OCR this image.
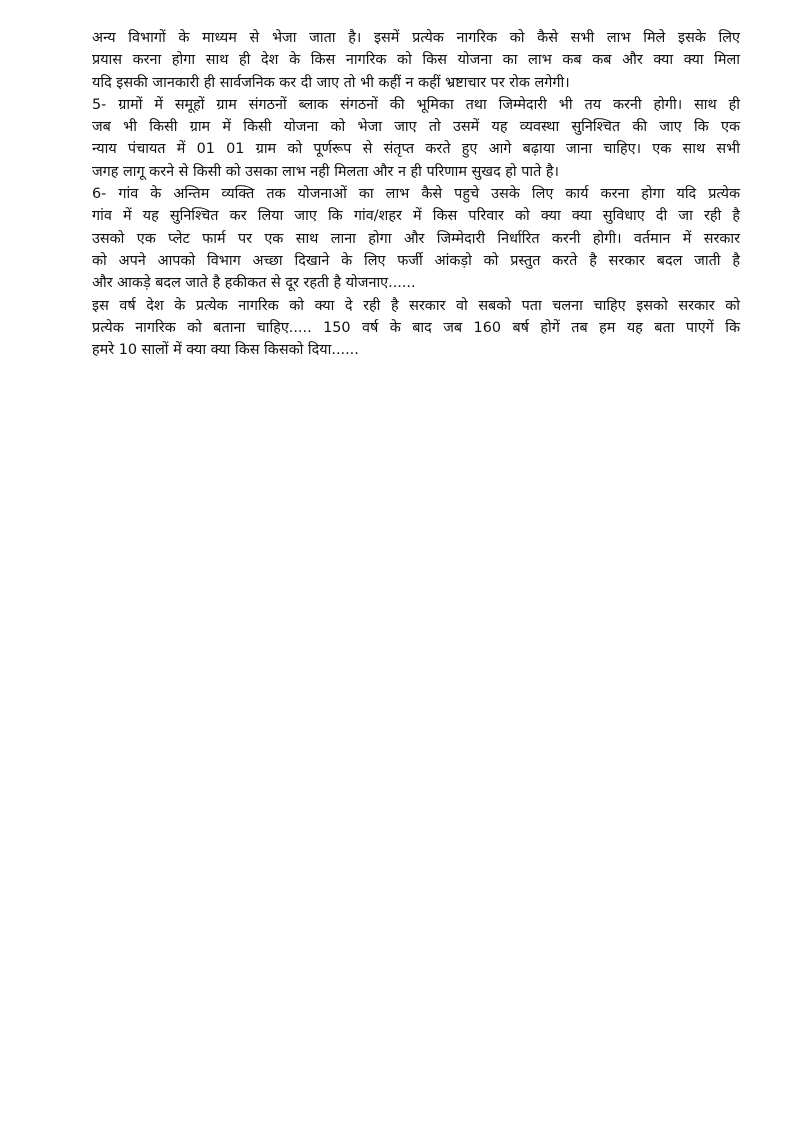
अन्य विभागों के माध्यम से भेजा जाता है। इसमें प्रत्येक नागरिक को कैसे सभी लाभ मिले इसके लिए
प्रयास करना होगा साथ ही देश के किस नागरिक को किस योजना का लाभ कब कब और क्या क्या मिला
यदि इसकी जानकारी ही सार्वजनिक कर दी जाए तो भी कहीं न कहीं भ्रष्टाचार पर रोक लगेगी।

5- ग्रामों में समूहों ग्राम संगठनों ब्लाक संगठनों की भूमिका तथा जिम्मेदारी भी तय करनी होगी। साथ ही
जब भी किसी ग्राम में किसी योजना को भेजा जाए तो उसमें यह व्यवस्था सुनिश्चित की जाए कि एक
न्याय पंचायत में 01 01 ग्राम को पूर्णरूप से संतृप्त करते हुए आगे बढ़ाया जाना चाहिए। एक साथ सभी
जगह लागू करने से किसी को उसका लाभ नही मिलता और न ही परिणाम सुखद हो पाते है।

6- गांव के अन्तिम व्यक्ति तक योजनाओं का लाभ कैसे पहुचे उसके लिए कार्य करना होगा यदि प्रत्येक
गांव में यह सुनिश्चित कर लिया जाए कि गांव/शहर में किस परिवार को क्या क्या सुविधाए दी जा रही है
उसको एक प्लेट फार्म पर एक साथ लाना होगा और जिम्मेदारी निर्धारित करनी होगी। वर्तमान में सरकार
को अपने आपको विभाग अच्छा दिखाने के लिए फर्जी आंकड़ो को प्रस्तुत करते है सरकार बदल जाती है
और आकड़े बदल जाते है हकीकत से दूर रहती है योजनाए......

इस वर्ष देश के प्रत्येक नागरिक को क्या दे रही है सरकार वो सबको पता चलना चाहिए इसको सरकार को
प्रत्येक नागरिक को बताना चाहिए..... 150 वर्ष के बाद जब 160 बर्ष होगें तब हम यह बता पाएगें कि
हमरे 10 सालों में क्या क्या किस किसको दिया......
